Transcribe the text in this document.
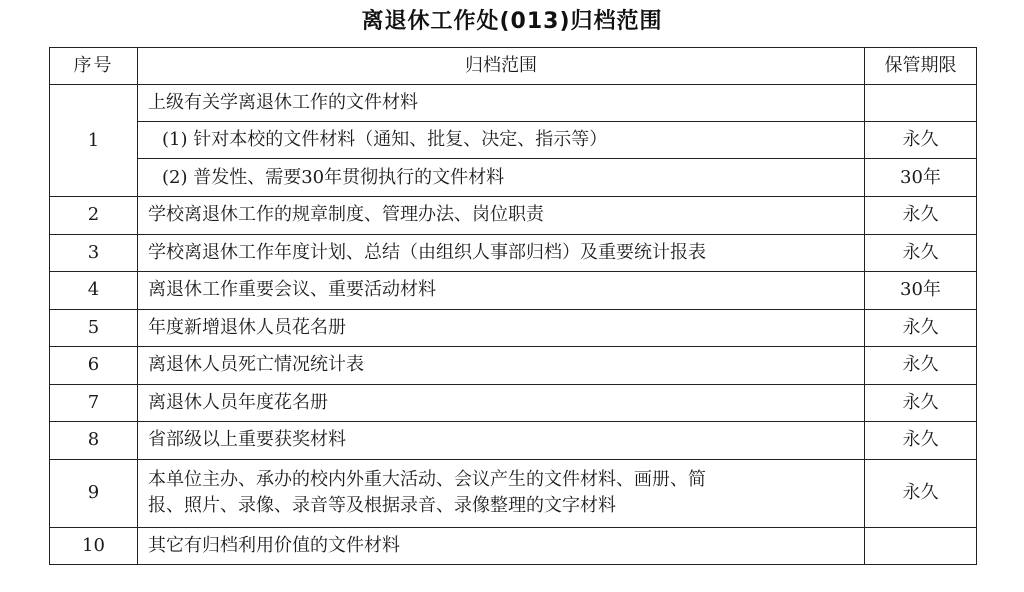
离退休工作处(013)归档范围
序号	归档范围	保管期限
1	上级有关学离退休工作的文件材料	
	(1) 针对本校的文件材料（通知、批复、决定、指示等）	永久
	(2) 普发性、需要30年贯彻执行的文件材料	30年
2	学校离退休工作的规章制度、管理办法、岗位职责	永久
3	学校离退休工作年度计划、总结（由组织人事部归档）及重要统计报表	永久
4	离退休工作重要会议、重要活动材料	30年
5	年度新增退休人员花名册	永久
6	离退休人员死亡情况统计表	永久
7	离退休人员年度花名册	永久
8	省部级以上重要获奖材料	永久
9	本单位主办、承办的校内外重大活动、会议产生的文件材料、画册、简
报、照片、录像、录音等及根据录音、录像整理的文字材料	永久
10	其它有归档利用价值的文件材料	
